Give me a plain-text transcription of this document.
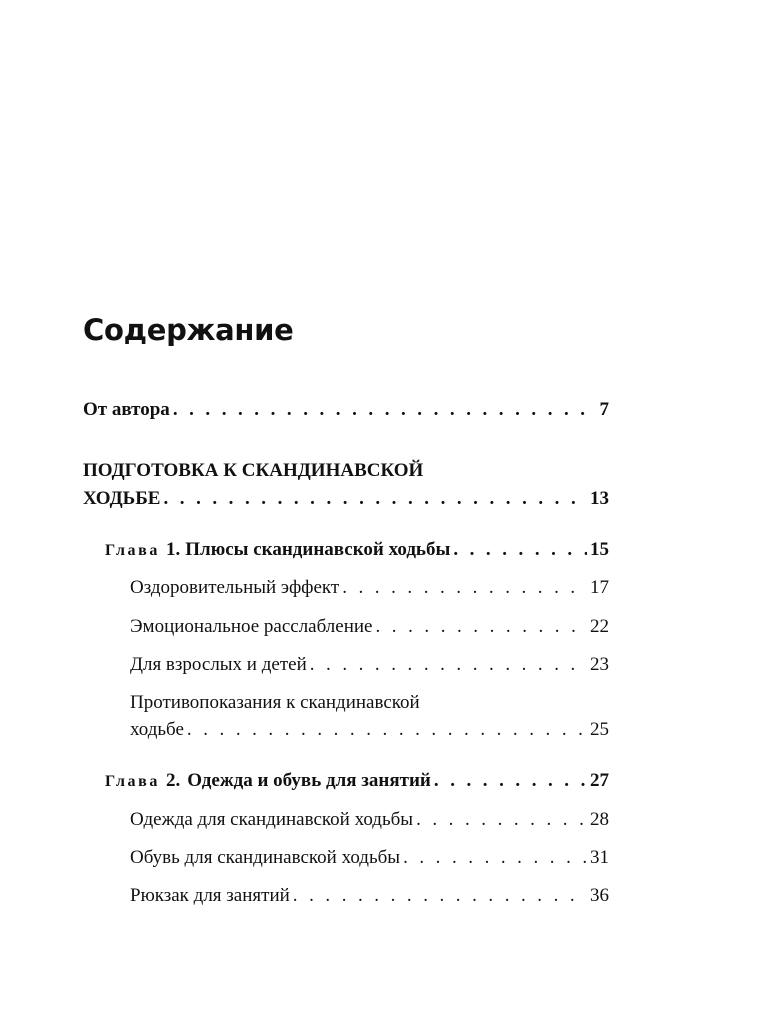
Содержание
От автора . . .	7
ПОДГОТОВКА К СКАНДИНАВСКОЙ
ХОДЬБЕ . . .	13
Глава 1. Плюсы скандинавской ходьбы . . .	15
Оздоровительный эффект . . .	17
Эмоциональное расслабление . . .	22
Для взрослых и детей . . .	23
Противопоказания к скандинавской
ходьбе . . .	25
Глава 2. Одежда и обувь для занятий . . .	27
Одежда для скандинавской ходьбы . . .	28
Обувь для скандинавской ходьбы . . .	31
Рюкзак для занятий . . .	36
